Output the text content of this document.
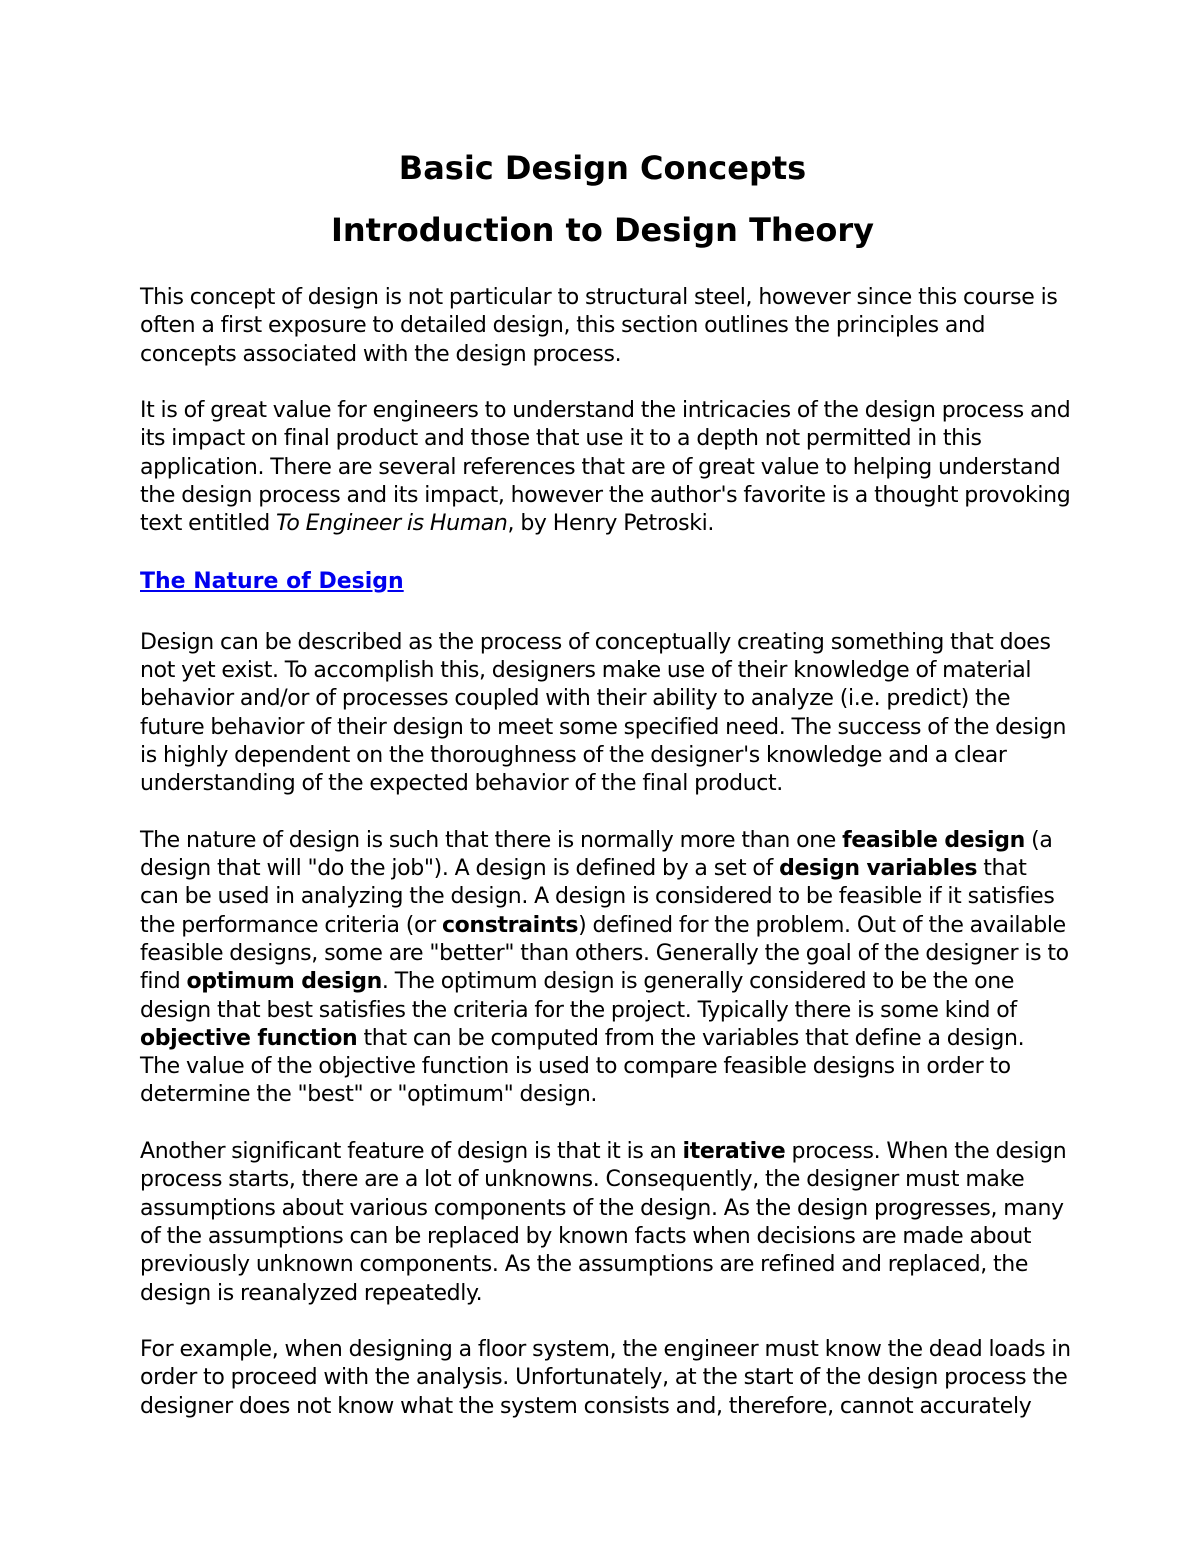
Basic Design Concepts
Introduction to Design Theory

This concept of design is not particular to structural steel, however since this course is
often a first exposure to detailed design, this section outlines the principles and
concepts associated with the design process.

It is of great value for engineers to understand the intricacies of the design process and
its impact on final product and those that use it to a depth not permitted in this
application. There are several references that are of great value to helping understand
the design process and its impact, however the author's favorite is a thought provoking
text entitled To Engineer is Human, by Henry Petroski.

The Nature of Design

Design can be described as the process of conceptually creating something that does
not yet exist. To accomplish this, designers make use of their knowledge of material
behavior and/or of processes coupled with their ability to analyze (i.e. predict) the
future behavior of their design to meet some specified need. The success of the design
is highly dependent on the thoroughness of the designer's knowledge and a clear
understanding of the expected behavior of the final product.

The nature of design is such that there is normally more than one feasible design (a
design that will "do the job"). A design is defined by a set of design variables that
can be used in analyzing the design. A design is considered to be feasible if it satisfies
the performance criteria (or constraints) defined for the problem. Out of the available
feasible designs, some are "better" than others. Generally the goal of the designer is to
find optimum design. The optimum design is generally considered to be the one
design that best satisfies the criteria for the project. Typically there is some kind of
objective function that can be computed from the variables that define a design.
The value of the objective function is used to compare feasible designs in order to
determine the "best" or "optimum" design.

Another significant feature of design is that it is an iterative process. When the design
process starts, there are a lot of unknowns. Consequently, the designer must make
assumptions about various components of the design. As the design progresses, many
of the assumptions can be replaced by known facts when decisions are made about
previously unknown components. As the assumptions are refined and replaced, the
design is reanalyzed repeatedly.

For example, when designing a floor system, the engineer must know the dead loads in
order to proceed with the analysis. Unfortunately, at the start of the design process the
designer does not know what the system consists and, therefore, cannot accurately
